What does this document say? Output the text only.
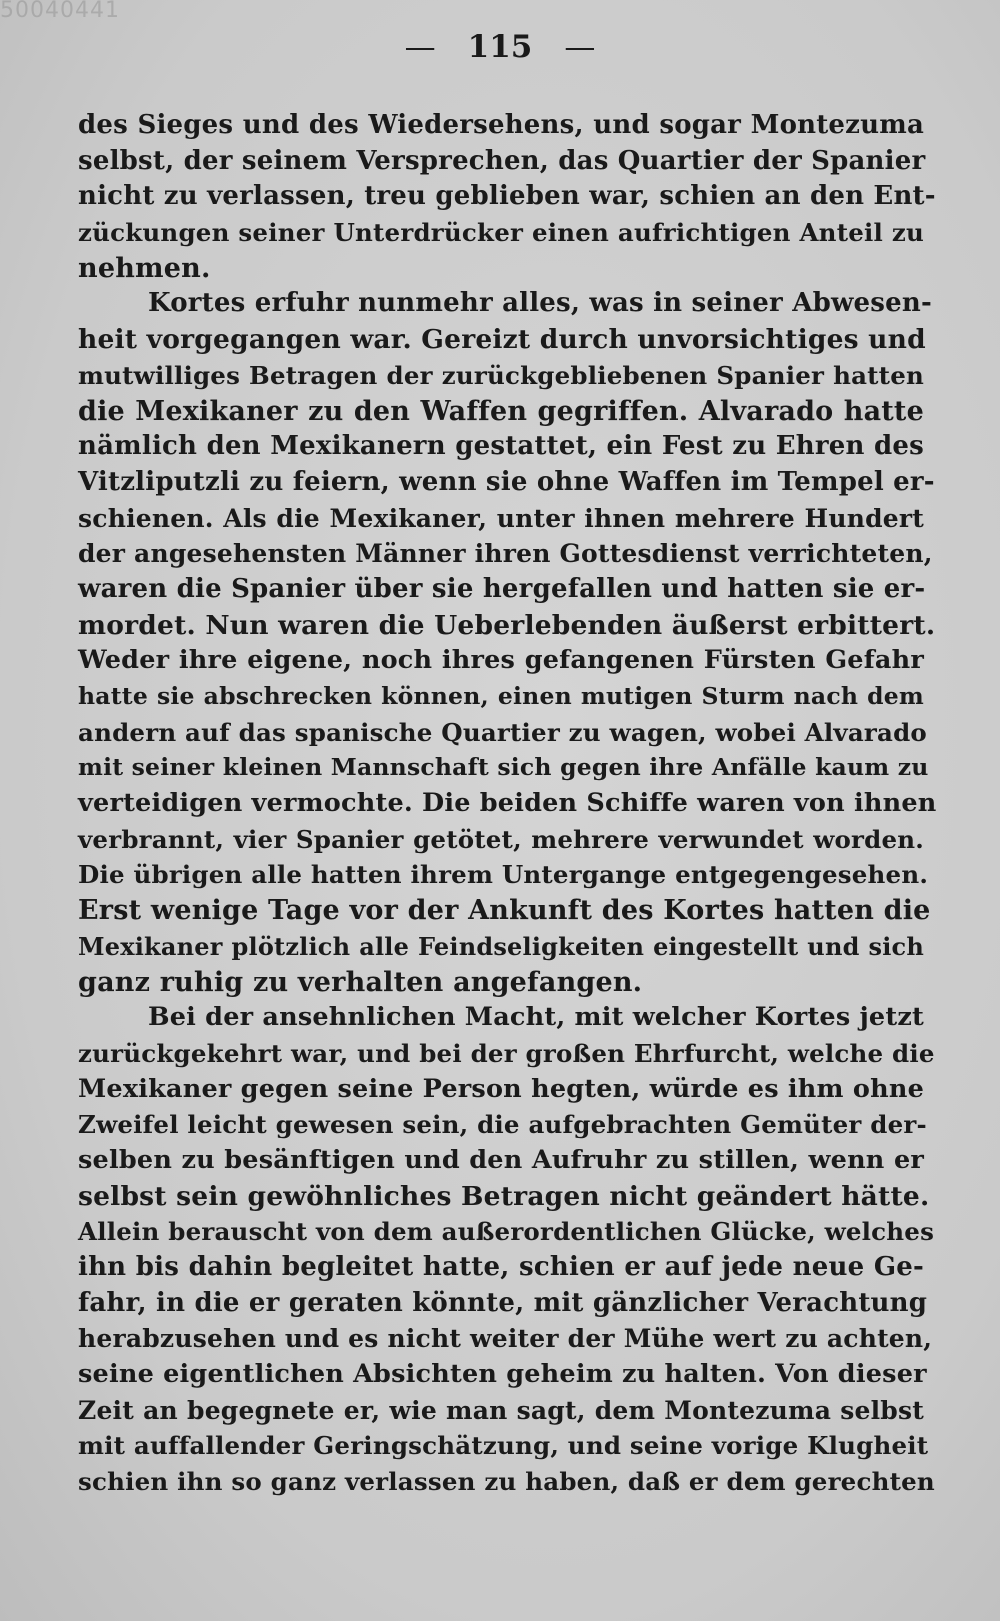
50040441
— 115 —
des Sieges und des Wiedersehens, und sogar Montezuma
selbst, der seinem Versprechen, das Quartier der Spanier
nicht zu verlassen, treu geblieben war, schien an den Ent-
zückungen seiner Unterdrücker einen aufrichtigen Anteil zu
nehmen.
Kortes erfuhr nunmehr alles, was in seiner Abwesen-
heit vorgegangen war. Gereizt durch unvorsichtiges und
mutwilliges Betragen der zurückgebliebenen Spanier hatten
die Mexikaner zu den Waffen gegriffen. Alvarado hatte
nämlich den Mexikanern gestattet, ein Fest zu Ehren des
Vitzliputzli zu feiern, wenn sie ohne Waffen im Tempel er-
schienen. Als die Mexikaner, unter ihnen mehrere Hundert
der angesehensten Männer ihren Gottesdienst verrichteten,
waren die Spanier über sie hergefallen und hatten sie er-
mordet. Nun waren die Ueberlebenden äußerst erbittert.
Weder ihre eigene, noch ihres gefangenen Fürsten Gefahr
hatte sie abschrecken können, einen mutigen Sturm nach dem
andern auf das spanische Quartier zu wagen, wobei Alvarado
mit seiner kleinen Mannschaft sich gegen ihre Anfälle kaum zu
verteidigen vermochte. Die beiden Schiffe waren von ihnen
verbrannt, vier Spanier getötet, mehrere verwundet worden.
Die übrigen alle hatten ihrem Untergange entgegengesehen.
Erst wenige Tage vor der Ankunft des Kortes hatten die
Mexikaner plötzlich alle Feindseligkeiten eingestellt und sich
ganz ruhig zu verhalten angefangen.
Bei der ansehnlichen Macht, mit welcher Kortes jetzt
zurückgekehrt war, und bei der großen Ehrfurcht, welche die
Mexikaner gegen seine Person hegten, würde es ihm ohne
Zweifel leicht gewesen sein, die aufgebrachten Gemüter der-
selben zu besänftigen und den Aufruhr zu stillen, wenn er
selbst sein gewöhnliches Betragen nicht geändert hätte.
Allein berauscht von dem außerordentlichen Glücke, welches
ihn bis dahin begleitet hatte, schien er auf jede neue Ge-
fahr, in die er geraten könnte, mit gänzlicher Verachtung
herabzusehen und es nicht weiter der Mühe wert zu achten,
seine eigentlichen Absichten geheim zu halten. Von dieser
Zeit an begegnete er, wie man sagt, dem Montezuma selbst
mit auffallender Geringschätzung, und seine vorige Klugheit
schien ihn so ganz verlassen zu haben, daß er dem gerechten
